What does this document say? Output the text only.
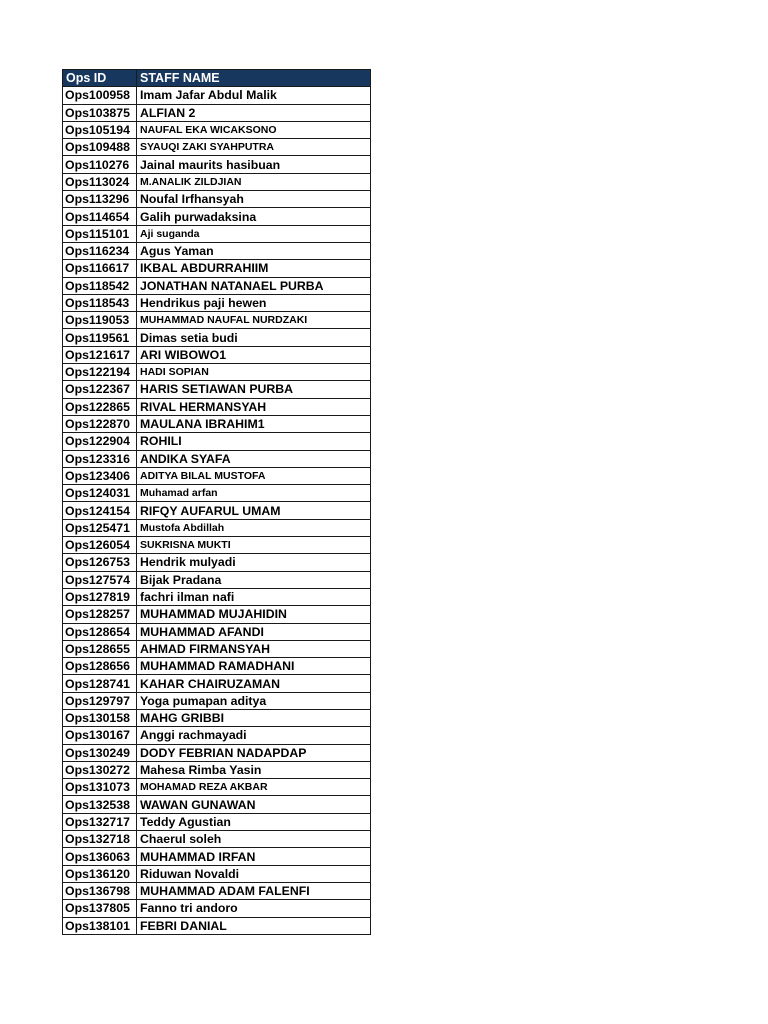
Ops ID	STAFF NAME
Ops100958	Imam Jafar Abdul Malik
Ops103875	ALFIAN 2
Ops105194	NAUFAL EKA WICAKSONO
Ops109488	SYAUQI ZAKI SYAHPUTRA
Ops110276	Jainal maurits hasibuan
Ops113024	M.ANALIK ZILDJIAN
Ops113296	Noufal Irfhansyah
Ops114654	Galih purwadaksina
Ops115101	Aji suganda
Ops116234	Agus Yaman
Ops116617	IKBAL ABDURRAHIIM
Ops118542	JONATHAN NATANAEL PURBA
Ops118543	Hendrikus paji hewen
Ops119053	MUHAMMAD NAUFAL NURDZAKI
Ops119561	Dimas setia budi
Ops121617	ARI WIBOWO1
Ops122194	HADI SOPIAN
Ops122367	HARIS SETIAWAN PURBA
Ops122865	RIVAL HERMANSYAH
Ops122870	MAULANA IBRAHIM1
Ops122904	ROHILI
Ops123316	ANDIKA SYAFA
Ops123406	ADITYA BILAL MUSTOFA
Ops124031	Muhamad arfan
Ops124154	RIFQY AUFARUL UMAM
Ops125471	Mustofa Abdillah
Ops126054	SUKRISNA MUKTI
Ops126753	Hendrik mulyadi
Ops127574	Bijak Pradana
Ops127819	fachri ilman nafi
Ops128257	MUHAMMAD MUJAHIDIN
Ops128654	MUHAMMAD AFANDI
Ops128655	AHMAD FIRMANSYAH
Ops128656	MUHAMMAD RAMADHANI
Ops128741	KAHAR CHAIRUZAMAN
Ops129797	Yoga pumapan aditya
Ops130158	MAHG GRIBBI
Ops130167	Anggi rachmayadi
Ops130249	DODY FEBRIAN NADAPDAP
Ops130272	Mahesa Rimba Yasin
Ops131073	MOHAMAD REZA AKBAR
Ops132538	WAWAN GUNAWAN
Ops132717	Teddy Agustian
Ops132718	Chaerul soleh
Ops136063	MUHAMMAD IRFAN
Ops136120	Riduwan Novaldi
Ops136798	MUHAMMAD ADAM FALENFI
Ops137805	Fanno tri andoro
Ops138101	FEBRI DANIAL
